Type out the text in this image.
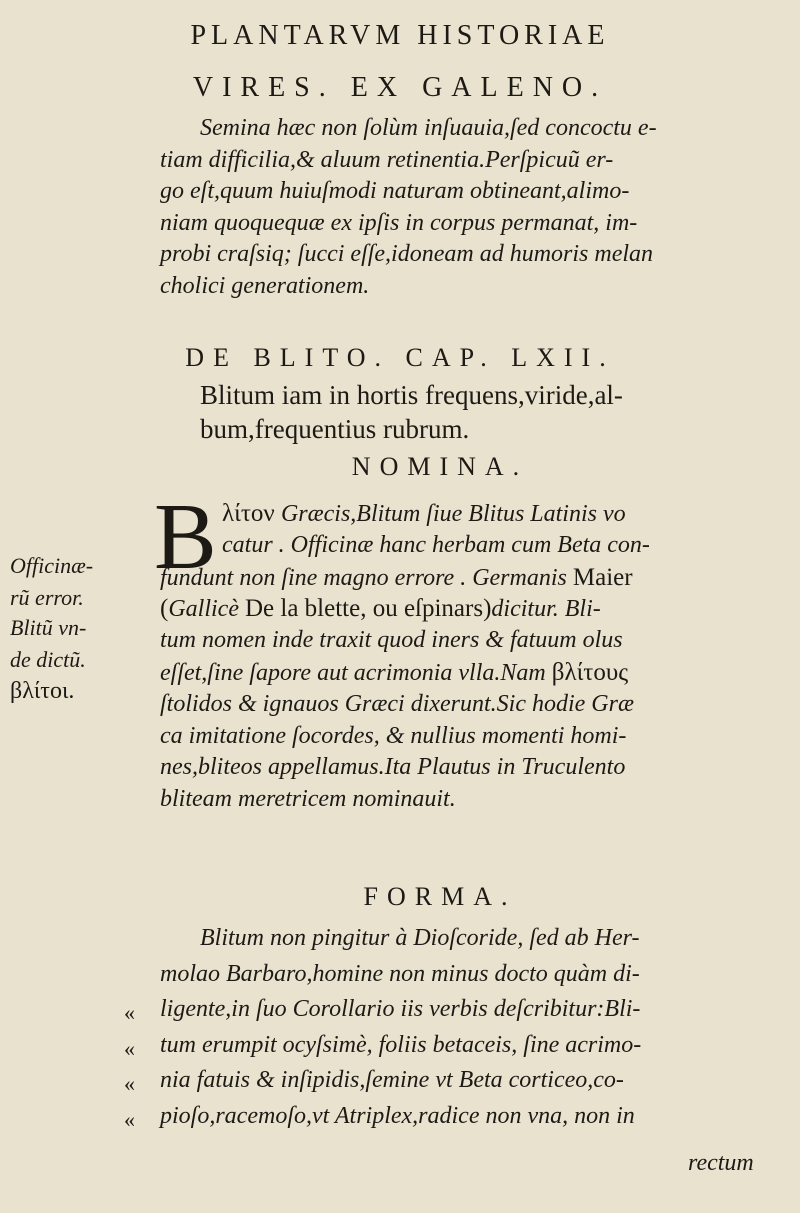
PLANTARVM HISTORIAE
VIRES. EX GALENO.
Semina hæc non ſolùm inſuauia,ſed concoctu e-
tiam difficilia,& aluum retinentia.Perſpicuũ er-
go eſt,quum huiuſmodi naturam obtineant,alimo-
niam quoquequæ ex ipſis in corpus permanat, im-
probi craſsiq; ſucci eſſe,idoneam ad humoris melan
cholici generationem.
DE BLITO. CAP. LXII.
Blitum iam in hortis frequens,viride,al-
bum,frequentius rubrum.
NOMINA.
B λίτον Græcis,Blitum ſiue Blitus Latinis vo
catur . Officinæ hanc herbam cum Beta con-
fundunt non ſine magno errore . Germanis Maier
(Gallicè De la blette, ou eſpinars)dicitur. Bli-
tum nomen inde traxit quod iners & fatuum olus
eſſet,ſine ſapore aut acrimonia vlla.Nam βλίτους
ſtolidos & ignauos Græci dixerunt.Sic hodie Græ
ca imitatione ſocordes, & nullius momenti homi-
nes,bliteos appellamus.Ita Plautus in Truculento
bliteam meretricem nominauit.
Officinæ-
rũ error.
Blitũ vn-
de dictũ.
βλίτοι.
FORMA.
Blitum non pingitur à Dioſcoride, ſed ab Her-
molao Barbaro,homine non minus docto quàm di-
ligente,in ſuo Corollario iis verbis deſcribitur:Bli-
tum erumpit ocyſsimè, foliis betaceis, ſine acrimo-
nia fatuis & inſipidis,ſemine vt Beta corticeo,co-
pioſo,racemoſo,vt Atriplex,radice non vna, non in
«
«
«
«
rectum
